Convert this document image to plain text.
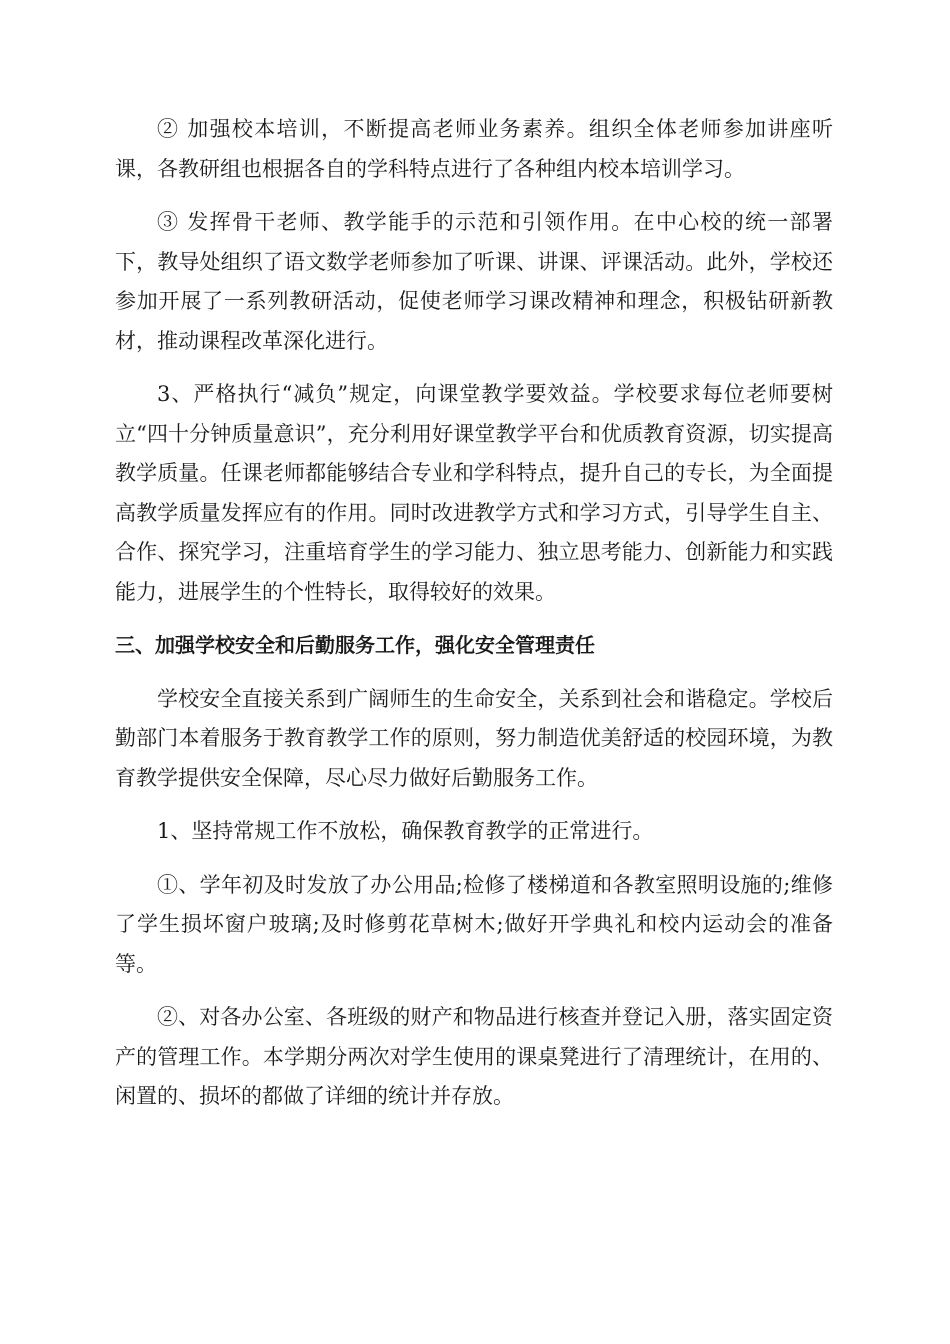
② 加强校本培训，不断提高老师业务素养。组织全体老师参加讲座听课，各教研组也根据各自的学科特点进行了各种组内校本培训学习。

③ 发挥骨干老师、教学能手的示范和引领作用。在中心校的统一部署下，教导处组织了语文数学老师参加了听课、讲课、评课活动。此外，学校还参加开展了一系列教研活动，促使老师学习课改精神和理念，积极钻研新教材，推动课程改革深化进行。

3、严格执行“减负”规定，向课堂教学要效益。学校要求每位老师要树立“四十分钟质量意识”，充分利用好课堂教学平台和优质教育资源，切实提高教学质量。任课老师都能够结合专业和学科特点，提升自己的专长，为全面提高教学质量发挥应有的作用。同时改进教学方式和学习方式，引导学生自主、合作、探究学习，注重培育学生的学习能力、独立思考能力、创新能力和实践能力，进展学生的个性特长，取得较好的效果。

三、加强学校安全和后勤服务工作，强化安全管理责任

学校安全直接关系到广阔师生的生命安全，关系到社会和谐稳定。学校后勤部门本着服务于教育教学工作的原则，努力制造优美舒适的校园环境，为教育教学提供安全保障，尽心尽力做好后勤服务工作。

1、坚持常规工作不放松，确保教育教学的正常进行。

①、学年初及时发放了办公用品;检修了楼梯道和各教室照明设施的;维修了学生损坏窗户玻璃;及时修剪花草树木;做好开学典礼和校内运动会的准备等。

②、对各办公室、各班级的财产和物品进行核查并登记入册，落实固定资产的管理工作。本学期分两次对学生使用的课桌凳进行了清理统计，在用的、闲置的、损坏的都做了详细的统计并存放。
